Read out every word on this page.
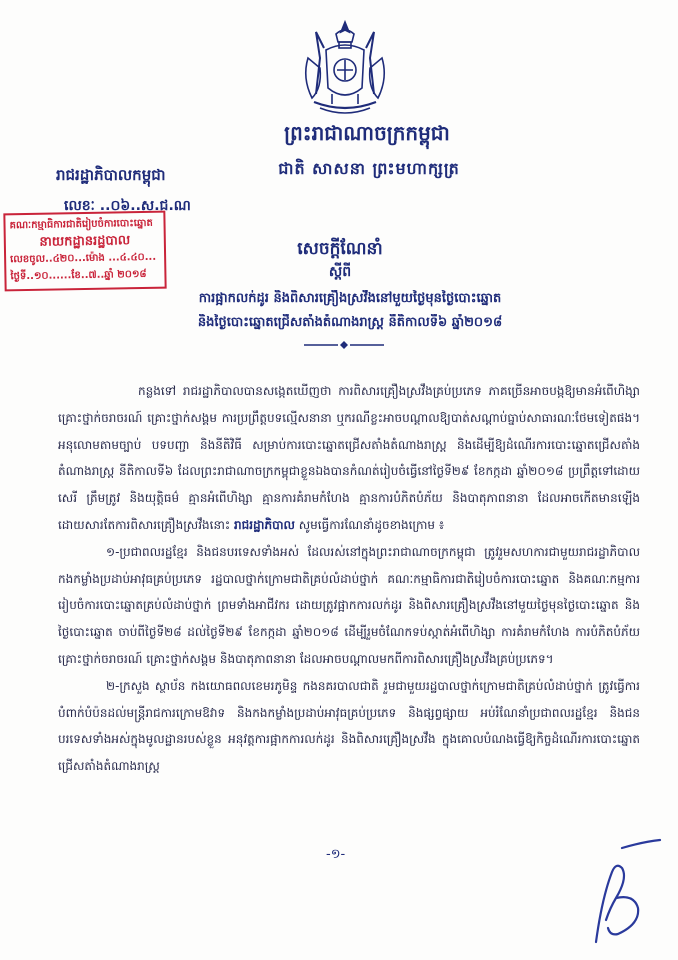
ព្រះរាជាណាចក្រកម្ពុជា
ជាតិ សាសនា ព្រះមហាក្សត្រ
រាជរដ្ឋាភិបាលកម្ពុជា
លេខៈ ..០៦..ស.ជ.ណ
គណៈកម្មាធិការជាតិរៀបចំការបោះឆ្នោត
នាយកដ្ឋានរដ្ឋបាល
លេខចូល..៤២០...ម៉ោង ...៤.៤០...
ថ្ងៃទី..១០......ខែ..៧..ឆ្នាំ ២០១៨
សេចក្តីណែនាំ
ស្តីពី
ការផ្អាកលក់ដូរ និងពិសារគ្រឿងស្រវឹងនៅមួយថ្ងៃមុនថ្ងៃបោះឆ្នោត
និងថ្ងៃបោះឆ្នោតជ្រើសតាំងតំណាងរាស្ត្រ នីតិកាលទី៦ ឆ្នាំ២០១៨

កន្លងទៅ រាជរដ្ឋាភិបាលបានសង្កេតឃើញថា ការពិសារគ្រឿងស្រវឹងគ្រប់ប្រភេទ ភាគច្រើនអាចបង្កឱ្យមានអំពើហិង្សា គ្រោះថ្នាក់ចរាចរណ៍ គ្រោះថ្នាក់សង្គម ការប្រព្រឹត្តបទល្មើសនានា ឬករណីខ្លះអាចបណ្តាលឱ្យបាត់សណ្តាប់ធ្នាប់សាធារណៈថែមទៀតផង។ អនុលោមតាមច្បាប់ បទបញ្ជា និងនីតិវិធី សម្រាប់ការបោះឆ្នោតជ្រើសតាំងតំណាងរាស្ត្រ និងដើម្បីឱ្យដំណើរការបោះឆ្នោតជ្រើសតាំងតំណាងរាស្ត្រ នីតិកាលទី៦ ដែលព្រះរាជាណាចក្រកម្ពុជាខ្លួនឯងបានកំណត់រៀបចំធ្វើនៅថ្ងៃទី២៩ ខែកក្កដា ឆ្នាំ២០១៨ ប្រព្រឹត្តទៅដោយសេរី ត្រឹមត្រូវ និងយុត្តិធម៌ គ្មានអំពើហិង្សា គ្មានការគំរាមកំហែង គ្មានការបំភិតបំភ័យ និងបាតុភាពនានា ដែលអាចកើតមានឡើង ដោយសារតែការពិសារគ្រឿងស្រវឹងនោះ រាជរដ្ឋាភិបាល សូមធ្វើការណែនាំដូចខាងក្រោម ៖

១-ប្រជាពលរដ្ឋខ្មែរ និងជនបរទេសទាំងអស់ ដែលរស់នៅក្នុងព្រះរាជាណាចក្រកម្ពុជា ត្រូវរួមសហការជាមួយរាជរដ្ឋាភិបាល កងកម្លាំងប្រដាប់អាវុធគ្រប់ប្រភេទ រដ្ឋបាលថ្នាក់ក្រោមជាតិគ្រប់លំដាប់ថ្នាក់ គណៈកម្មាធិការជាតិរៀបចំការបោះឆ្នោត និងគណៈកម្មការរៀបចំការបោះឆ្នោតគ្រប់លំដាប់ថ្នាក់ ព្រមទាំងអាជីវករ ដោយត្រូវផ្អាកការលក់ដូរ និងពិសារគ្រឿងស្រវឹងនៅមួយថ្ងៃមុនថ្ងៃបោះឆ្នោត និងថ្ងៃបោះឆ្នោត ចាប់ពីថ្ងៃទី២៨ ដល់ថ្ងៃទី២៩ ខែកក្កដា ឆ្នាំ២០១៨ ដើម្បីរួមចំណែកទប់ស្កាត់អំពើហិង្សា ការគំរាមកំហែង ការបំភិតបំភ័យ គ្រោះថ្នាក់ចរាចរណ៍ គ្រោះថ្នាក់សង្គម និងបាតុភាពនានា ដែលអាចបណ្តាលមកពីការពិសារគ្រឿងស្រវឹងគ្រប់ប្រភេទ។

២-ក្រសួង ស្ថាប័ន កងយោធពលខេមរភូមិន្ទ កងនគរបាលជាតិ រួមជាមួយរដ្ឋបាលថ្នាក់ក្រោមជាតិគ្រប់លំដាប់ថ្នាក់ ត្រូវធ្វើការបំពាក់បំប៉នដល់មន្ត្រីរាជការក្រោមឱវាទ និងកងកម្លាំងប្រដាប់អាវុធគ្រប់ប្រភេទ និងផ្សព្វផ្សាយ អប់រំណែនាំប្រជាពលរដ្ឋខ្មែរ និងជនបរទេសទាំងអស់ក្នុងមូលដ្ឋានរបស់ខ្លួន អនុវត្តការផ្អាកការលក់ដូរ និងពិសារគ្រឿងស្រវឹង ក្នុងគោលបំណងធ្វើឱ្យកិច្ចដំណើរការបោះឆ្នោតជ្រើសតាំងតំណាងរាស្ត្រ

-១-
